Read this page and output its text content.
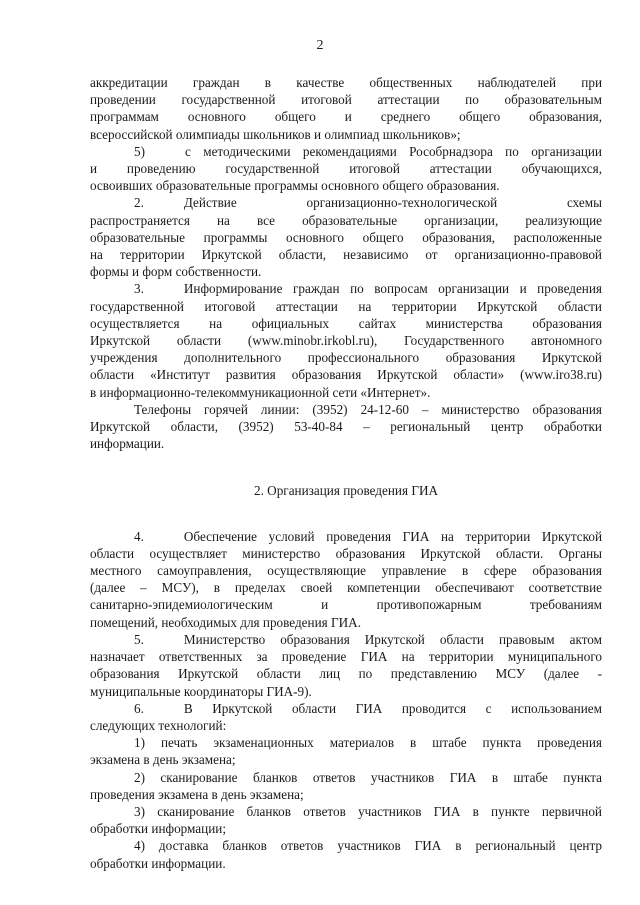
2

аккредитации граждан в качестве общественных наблюдателей при

проведении государственной итоговой аттестации по образовательным

программам основного общего и среднего общего образования,

всероссийской олимпиады школьников и олимпиад школьников»;

5)	с методическими рекомендациями Рособрнадзора по организации

и проведению государственной итоговой аттестации обучающихся,

освоивших образовательные программы основного общего образования.

2.	Действие организационно-технологической схемы

распространяется на все образовательные организации, реализующие

образовательные программы основного общего образования, расположенные

на территории Иркутской области, независимо от организационно-правовой

формы и форм собственности.

3.	Информирование граждан по вопросам организации и проведения

государственной итоговой аттестации на территории Иркутской области

осуществляется на официальных сайтах министерства образования

Иркутской области (www.minobr.irkobl.ru), Государственного автономного

учреждения дополнительного профессионального образования Иркутской

области «Институт развития образования Иркутской области» (www.iro38.ru)

в информационно-телекоммуникационной сети «Интернет».

Телефоны горячей линии: (3952) 24-12-60 – министерство образования

Иркутской области, (3952) 53-40-84 – региональный центр обработки

информации.

2. Организация проведения ГИА

4.	Обеспечение условий проведения ГИА на территории Иркутской

области осуществляет министерство образования Иркутской области. Органы

местного самоуправления, осуществляющие управление в сфере образования

(далее – МСУ), в пределах своей компетенции обеспечивают соответствие

санитарно-эпидемиологическим и противопожарным требованиям

помещений, необходимых для проведения ГИА.

5.	Министерство образования Иркутской области правовым актом

назначает ответственных за проведение ГИА на территории муниципального

образования Иркутской области лиц по представлению МСУ (далее -

муниципальные координаторы ГИА-9).

6.	В Иркутской области ГИА проводится с использованием

следующих технологий:

1) печать экзаменационных материалов в штабе пункта проведения

экзамена в день экзамена;

2) сканирование бланков ответов участников ГИА в штабе пункта

проведения экзамена в день экзамена;

3) сканирование бланков ответов участников ГИА в пункте первичной

обработки информации;

4) доставка бланков ответов участников ГИА в региональный центр

обработки информации.
